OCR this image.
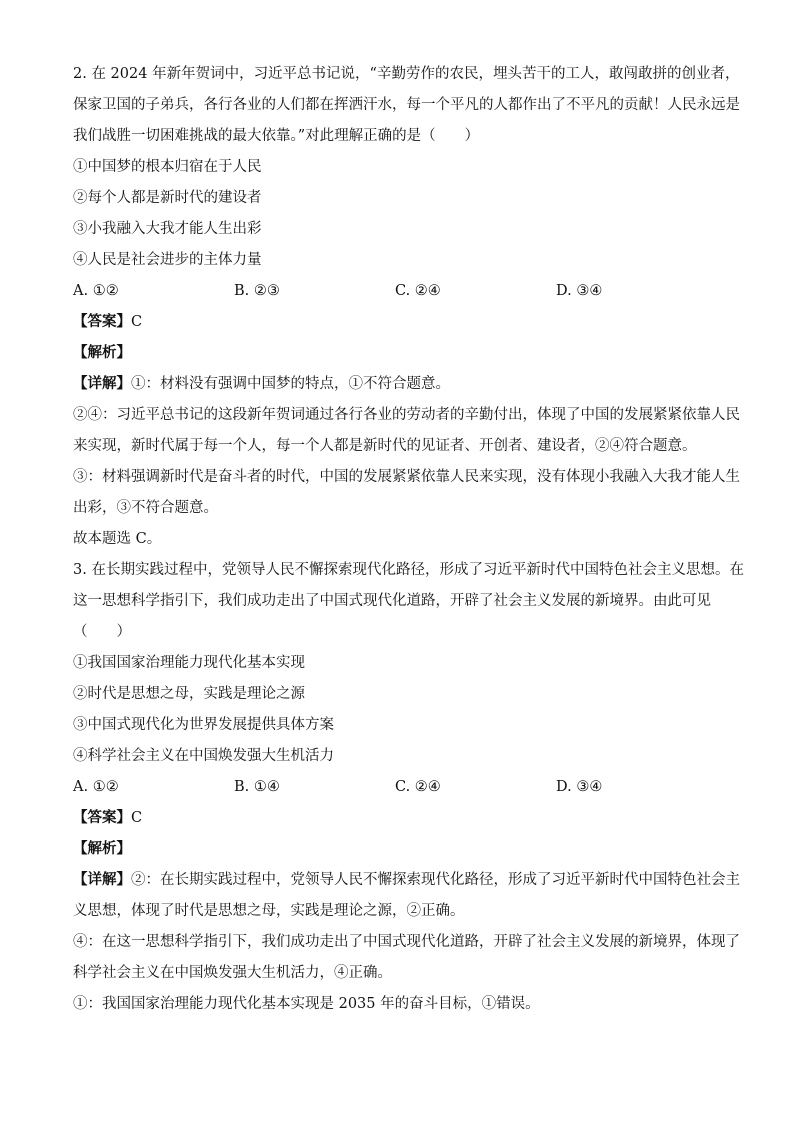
2. 在 2024 年新年贺词中，习近平总书记说，“辛勤劳作的农民，埋头苦干的工人，敢闯敢拼的创业者，
保家卫国的子弟兵，各行各业的人们都在挥洒汗水，每一个平凡的人都作出了不平凡的贡献！人民永远是
我们战胜一切困难挑战的最大依靠。”对此理解正确的是（　　）
①中国梦的根本归宿在于人民
②每个人都是新时代的建设者
③小我融入大我才能人生出彩
④人民是社会进步的主体力量
A. ①②	B. ②③	C. ②④	D. ③④
【答案】C
【解析】
【详解】①：材料没有强调中国梦的特点，①不符合题意。
②④：习近平总书记的这段新年贺词通过各行各业的劳动者的辛勤付出，体现了中国的发展紧紧依靠人民
来实现，新时代属于每一个人，每一个人都是新时代的见证者、开创者、建设者，②④符合题意。
③：材料强调新时代是奋斗者的时代，中国的发展紧紧依靠人民来实现，没有体现小我融入大我才能人生
出彩，③不符合题意。
故本题选 C。
3. 在长期实践过程中，党领导人民不懈探索现代化路径，形成了习近平新时代中国特色社会主义思想。在
这一思想科学指引下，我们成功走出了中国式现代化道路，开辟了社会主义发展的新境界。由此可见
（　　）
①我国国家治理能力现代化基本实现
②时代是思想之母，实践是理论之源
③中国式现代化为世界发展提供具体方案
④科学社会主义在中国焕发强大生机活力
A. ①②	B. ①④	C. ②④	D. ③④
【答案】C
【解析】
【详解】②：在长期实践过程中，党领导人民不懈探索现代化路径，形成了习近平新时代中国特色社会主
义思想，体现了时代是思想之母，实践是理论之源，②正确。
④：在这一思想科学指引下，我们成功走出了中国式现代化道路，开辟了社会主义发展的新境界，体现了
科学社会主义在中国焕发强大生机活力，④正确。
①：我国国家治理能力现代化基本实现是 2035 年的奋斗目标，①错误。
